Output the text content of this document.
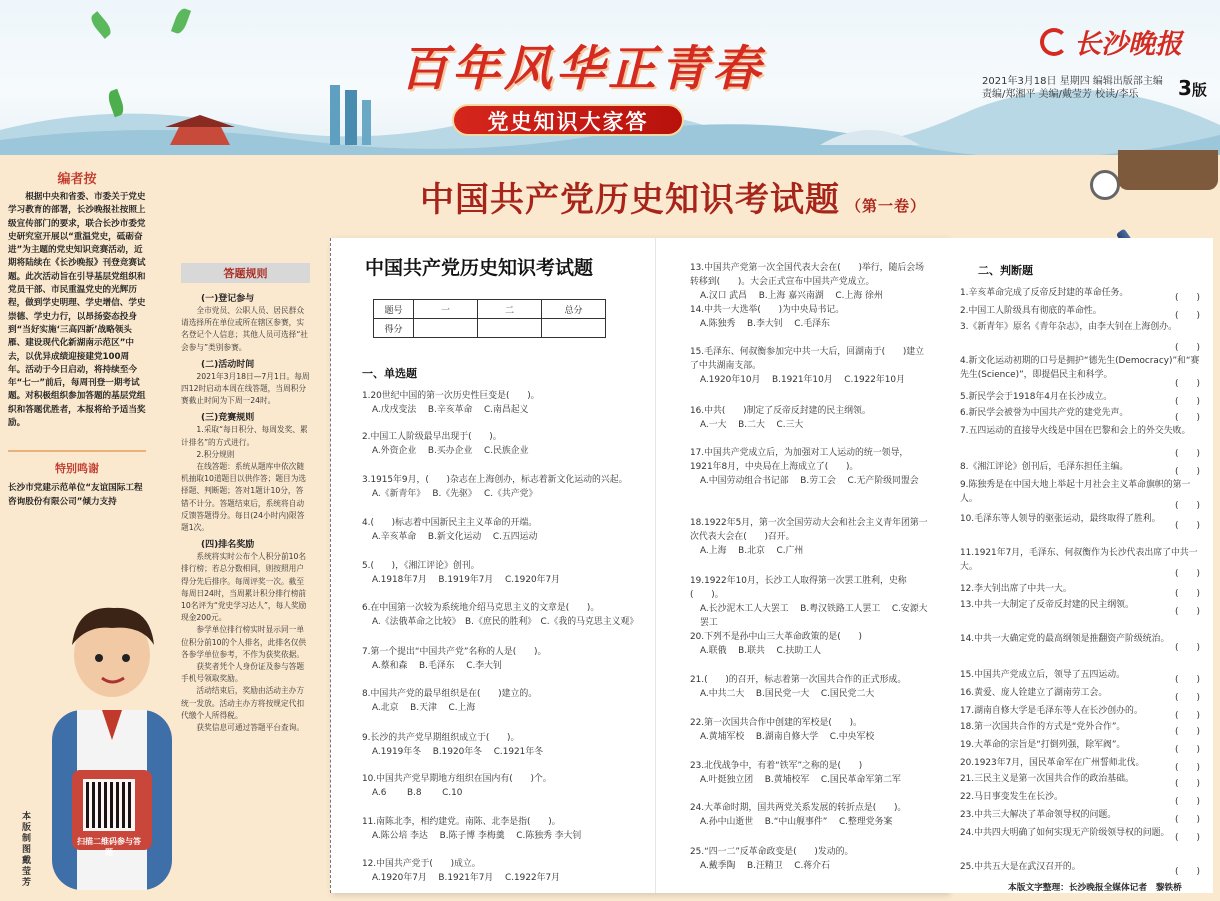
百年风华正青春
党史知识大家答
长沙晚报
2021年3月18日 星期四 编辑出版部主编
责编/郑湘平 美编/戴莹芳 校读/李乐	3版
编者按
根据中央和省委、市委关于党史学习教育的部署，长沙晚报社按照上级宣传部门的要求，联合长沙市委党史研究室开展以“重温党史，砥砺奋进”为主题的党史知识竞赛活动，近期将陆续在《长沙晚报》刊登竞赛试题。此次活动旨在引导基层党组织和党员干部、市民重温党史的光辉历程，做到学史明理、学史增信、学史崇德、学史力行，以昂扬姿态投身到“当好实施‘三高四新’战略领头雁、建设现代化新湖南示范区”中去，以优异成绩迎接建党100周年。活动于今日启动，将持续至今年“七一”前后，每周刊登一期考试题。对积极组织参加答题的基层党组织和答题优胜者，本报将给予适当奖励。
特别鸣谢
长沙市党建示范单位“友谊国际工程咨询股份有限公司”倾力支持
扫描二维码参与答题
本版制图戴莹芳
中国共产党历史知识考试题 （第一卷）
答题规则
(一)登记参与

全市党员、公职人员、居民群众请选择所在单位或所在辖区参赛，实名登记个人信息；其他人员可选择“社会参与”类别参赛。

(二)活动时间

2021年3月18日—7月1日。每周四12时启动本周在线答题，当周积分赛截止时间为下周一24时。

(三)竞赛规则

1.采取“每日积分、每周发奖、累计排名”的方式进行。

2.积分规则

在线答题：系统从题库中依次随机抽取10道题目以供作答；题目为选择题、判断题；答对1题计10分，答错不计分。答题结束后，系统将自动反馈答题得分。每日(24小时内)限答题1次。

(四)排名奖励

系统将实时公布个人积分前10名排行榜；若总分数相同，则按照用户得分先后排序。每周评奖一次。截至每周日24时，当周累计积分排行榜前10名评为“党史学习达人”，每人奖励现金200元。

参学单位排行榜实时显示同一单位积分前10的个人排名，此排名仅供各参学单位参考，不作为获奖依据。

获奖者凭个人身份证及参与答题手机号领取奖励。

活动结束后，奖励由活动主办方统一发放。活动主办方将按规定代扣代缴个人所得税。

获奖信息可通过答题平台查询。

中国共产党历史知识考试题
题号	一	二	总分
得分			
一、单选题
二、判断题
1.20世纪中国的第一次历史性巨变是(　　)。
A.戊戌变法　 B.辛亥革命　 C.南昌起义
2.中国工人阶级最早出现于(　　)。
A.外资企业　 B.买办企业　 C.民族企业
3.1915年9月，(　　)杂志在上海创办，标志着新文化运动的兴起。
A.《新青年》　 B.《先驱》　 C.《共产党》
4.(　　)标志着中国新民主主义革命的开端。
A.辛亥革命　 B.新文化运动　 C.五四运动
5.(　　)，《湘江评论》创刊。
A.1918年7月　 B.1919年7月　 C.1920年7月
6.在中国第一次较为系统地介绍马克思主义的文章是(　　)。
A.《法俄革命之比较》　B.《庶民的胜利》　C.《我的马克思主义观》
7.第一个提出“中国共产党”名称的人是(　　)。
A.蔡和森　 B.毛泽东　 C.李大钊
8.中国共产党的最早组织是在(　　)建立的。
A.北京　 B.天津　 C.上海
9.长沙的共产党早期组织成立于(　　)。
A.1919年冬　 B.1920年冬　 C.1921年冬
10.中国共产党早期地方组织在国内有(　　)个。
A.6　　 B.8　　 C.10
11.南陈北李，相约建党。南陈、北李是指(　　)。
A.陈公培 李达　 B.陈子博 李梅羹　 C.陈独秀 李大钊
12.中国共产党于(　　)成立。
A.1920年7月　 B.1921年7月　 C.1922年7月
13.中国共产党第一次全国代表大会在(　　)举行，随后会场转移到(　　)。大会正式宣布中国共产党成立。
A.汉口 武昌　 B.上海 嘉兴南湖　 C.上海 徐州
14.中共一大选举(　　)为中央局书记。
A.陈独秀　 B.李大钊　 C.毛泽东
15.毛泽东、何叔衡参加完中共一大后，回湖南于(　　)建立了中共湖南支部。
A.1920年10月　 B.1921年10月　 C.1922年10月
16.中共(　　)制定了反帝反封建的民主纲领。
A.一大　 B.二大　 C.三大
17.中国共产党成立后，为加强对工人运动的统一领导，1921年8月，中央局在上海成立了(　　)。
A.中国劳动组合书记部　 B.劳工会　 C.无产阶级同盟会
18.1922年5月，第一次全国劳动大会和社会主义青年团第一次代表大会在(　　)召开。
A.上海　 B.北京　 C.广州
19.1922年10月，长沙工人取得第一次罢工胜利，史称(　　)。
A.长沙泥木工人大罢工　 B.粤汉铁路工人罢工　 C.安源大罢工
20.下列不是孙中山三大革命政策的是(　　)
A.联俄　 B.联共　 C.扶助工人
21.(　　)的召开，标志着第一次国共合作的正式形成。
A.中共二大　 B.国民党一大　 C.国民党二大
22.第一次国共合作中创建的军校是(　　)。
A.黄埔军校　 B.湖南自修大学　 C.中央军校
23.北伐战争中，有着“铁军”之称的是(　　)
A.叶挺独立团　 B.黄埔校军　 C.国民革命军第二军
24.大革命时期，国共两党关系发展的转折点是(　　)。
A.孙中山逝世　 B.“中山舰事件”　 C.整理党务案
25.“四一二”反革命政变是(　　)发动的。
A.戴季陶　 B.汪精卫　 C.蒋介石
1.辛亥革命完成了反帝反封建的革命任务。	(　　)
2.中国工人阶级具有彻底的革命性。	(　　)
3.《新青年》原名《青年杂志》，由李大钊在上海创办。
(　　)
4.新文化运动初期的口号是拥护“德先生(Democracy)”和“赛先生(Science)”，即提倡民主和科学。
(　　)
5.新民学会于1918年4月在长沙成立。	(　　)
6.新民学会被誉为中国共产党的建党先声。	(　　)
7.五四运动的直接导火线是中国在巴黎和会上的外交失败。
(　　)
8.《湘江评论》创刊后，毛泽东担任主编。	(　　)
9.陈独秀是在中国大地上举起十月社会主义革命旗帜的第一人。
(　　)
10.毛泽东等人领导的驱张运动，最终取得了胜利。
(　　)
11.1921年7月，毛泽东、何叔衡作为长沙代表出席了中共一大。
(　　)
12.李大钊出席了中共一大。	(　　)
13.中共一大制定了反帝反封建的民主纲领。
(　　)
14.中共一大确定党的最高纲领是推翻资产阶级统治。
(　　)
15.中国共产党成立后，领导了五四运动。	(　　)
16.黄爱、庞人铨建立了湖南劳工会。	(　　)
17.湖南自修大学是毛泽东等人在长沙创办的。	(　　)
18.第一次国共合作的方式是“党外合作”。	(　　)
19.大革命的宗旨是“打倒列强，除军阀”。	(　　)
20.1923年7月，国民革命军在广州誓师北伐。	(　　)
21.三民主义是第一次国共合作的政治基础。	(　　)
22.马日事变发生在长沙。	(　　)
23.中共三大解决了革命领导权的问题。	(　　)
24.中共四大明确了如何实现无产阶级领导权的问题。 (　　)
25.中共五大是在武汉召开的。	(　　)
本版文字整理：长沙晚报全媒体记者　黎铁桥
